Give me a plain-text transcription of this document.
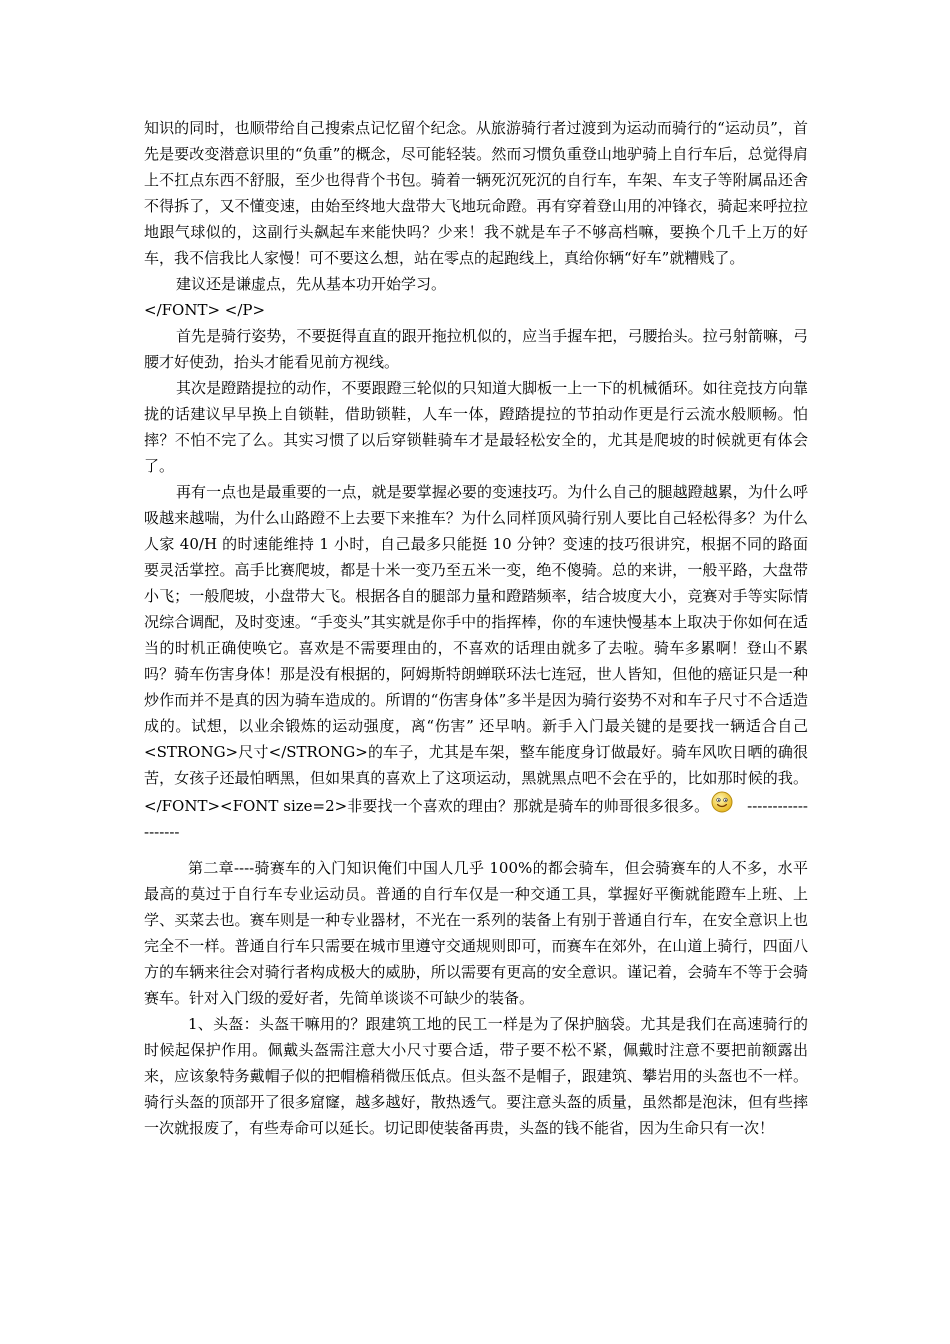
知识的同时，也顺带给自己搜索点记忆留个纪念。从旅游骑行者过渡到为运动而骑行的“运动员”，首先是要改变潜意识里的“负重”的概念，尽可能轻装。然而习惯负重登山地驴骑上自行车后，总觉得肩上不扛点东西不舒服，至少也得背个书包。骑着一辆死沉死沉的自行车，车架、车支子等附属品还舍不得拆了，又不懂变速，由始至终地大盘带大飞地玩命蹬。再有穿着登山用的冲锋衣，骑起来呼拉拉地跟气球似的，这副行头飙起车来能快吗？少来！我不就是车子不够高档嘛，要换个几千上万的好车，我不信我比人家慢！可不要这么想，站在零点的起跑线上，真给你辆“好车”就糟贱了。

建议还是谦虚点，先从基本功开始学习。

</FONT> </P>

首先是骑行姿势，不要挺得直直的跟开拖拉机似的，应当手握车把，弓腰抬头。拉弓射箭嘛，弓腰才好使劲，抬头才能看见前方视线。

其次是蹬踏提拉的动作，不要跟蹬三轮似的只知道大脚板一上一下的机械循环。如往竞技方向靠拢的话建议早早换上自锁鞋，借助锁鞋，人车一体，蹬踏提拉的节拍动作更是行云流水般顺畅。怕摔？不怕不完了么。其实习惯了以后穿锁鞋骑车才是最轻松安全的，尤其是爬坡的时候就更有体会了。

再有一点也是最重要的一点，就是要掌握必要的变速技巧。为什么自己的腿越蹬越累，为什么呼吸越来越喘，为什么山路蹬不上去要下来推车？为什么同样顶风骑行别人要比自己轻松得多？为什么人家 40/H 的时速能维持 1 小时，自己最多只能挺 10 分钟？变速的技巧很讲究，根据不同的路面要灵活掌控。高手比赛爬坡，都是十米一变乃至五米一变，绝不傻骑。总的来讲，一般平路，大盘带小飞；一般爬坡，小盘带大飞。根据各自的腿部力量和蹬踏频率，结合坡度大小，竞赛对手等实际情况综合调配，及时变速。“手变头”其实就是你手中的指挥棒，你的车速快慢基本上取决于你如何在适当的时机正确使唤它。喜欢是不需要理由的，不喜欢的话理由就多了去啦。骑车多累啊！登山不累吗？骑车伤害身体！那是没有根据的，阿姆斯特朗蝉联环法七连冠，世人皆知，但他的癌证只是一种炒作而并不是真的因为骑车造成的。所谓的“伤害身体”多半是因为骑行姿势不对和车子尺寸不合适造成的。试想，以业余锻炼的运动强度，离“伤害” 还早呐。新手入门最关键的是要找一辆适合自己<STRONG>尺寸</STRONG>的车子，尤其是车架，整车能度身订做最好。骑车风吹日晒的确很苦，女孩子还最怕晒黑，但如果真的喜欢上了这项运动，黑就黑点吧不会在乎的，比如那时候的我。 </FONT><FONT size=2>非要找一个喜欢的理由？那就是骑车的帅哥很多很多。	-------------------

第二章----骑赛车的入门知识俺们中国人几乎 100%的都会骑车，但会骑赛车的人不多，水平最高的莫过于自行车专业运动员。普通的自行车仅是一种交通工具，掌握好平衡就能蹬车上班、上学、买菜去也。赛车则是一种专业器材，不光在一系列的装备上有别于普通自行车，在安全意识上也完全不一样。普通自行车只需要在城市里遵守交通规则即可，而赛车在郊外，在山道上骑行，四面八方的车辆来往会对骑行者构成极大的威胁，所以需要有更高的安全意识。谨记着，会骑车不等于会骑赛车。针对入门级的爱好者，先简单谈谈不可缺少的装备。

1、头盔：头盔干嘛用的？跟建筑工地的民工一样是为了保护脑袋。尤其是我们在高速骑行的时候起保护作用。佩戴头盔需注意大小尺寸要合适，带子要不松不紧，佩戴时注意不要把前额露出来，应该象特务戴帽子似的把帽檐稍微压低点。但头盔不是帽子，跟建筑、攀岩用的头盔也不一样。骑行头盔的顶部开了很多窟窿，越多越好，散热透气。要注意头盔的质量，虽然都是泡沫，但有些摔一次就报废了，有些寿命可以延长。切记即使装备再贵，头盔的钱不能省，因为生命只有一次！
